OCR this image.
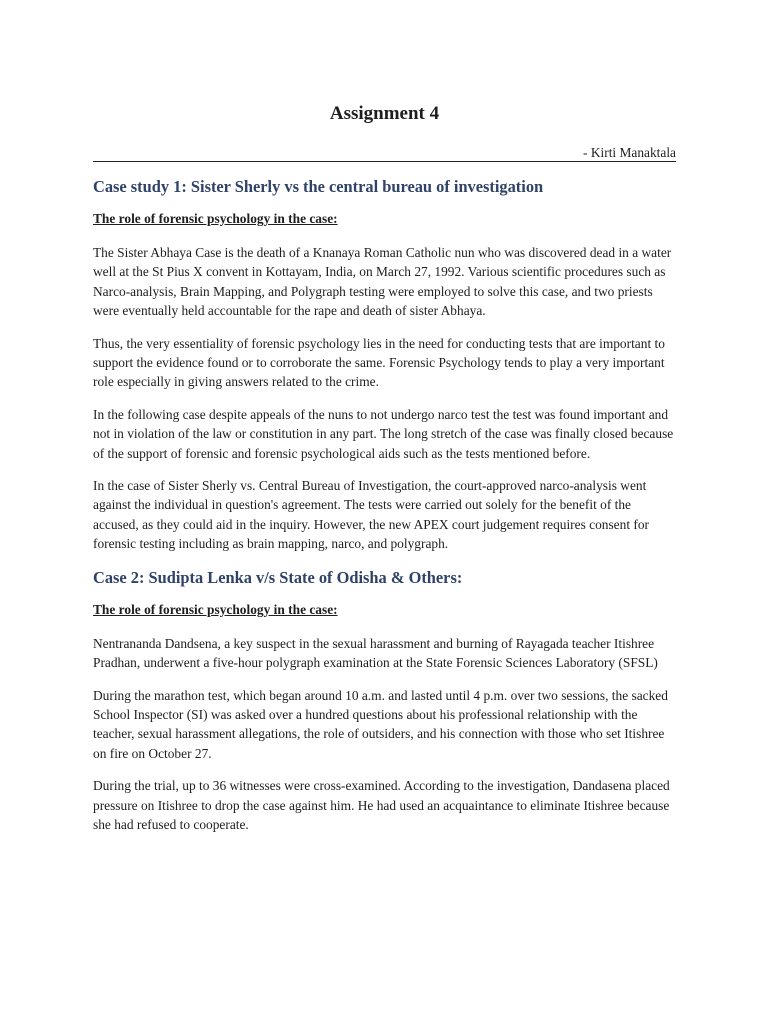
Assignment 4

- Kirti Manaktala

Case study 1: Sister Sherly vs the central bureau of investigation

The role of forensic psychology in the case:

The Sister Abhaya Case is the death of a Knanaya Roman Catholic nun who was discovered dead in a water well at the St Pius X convent in Kottayam, India, on March 27, 1992. Various scientific procedures such as Narco-analysis, Brain Mapping, and Polygraph testing were employed to solve this case, and two priests were eventually held accountable for the rape and death of sister Abhaya.

Thus, the very essentiality of forensic psychology lies in the need for conducting tests that are important to support the evidence found or to corroborate the same. Forensic Psychology tends to play a very important role especially in giving answers related to the crime.

In the following case despite appeals of the nuns to not undergo narco test the test was found important and not in violation of the law or constitution in any part. The long stretch of the case was finally closed because of the support of forensic and forensic psychological aids such as the tests mentioned before.

In the case of Sister Sherly vs. Central Bureau of Investigation, the court-approved narco-analysis went against the individual in question's agreement. The tests were carried out solely for the benefit of the accused, as they could aid in the inquiry. However, the new APEX court judgement requires consent for forensic testing including as brain mapping, narco, and polygraph.

Case 2: Sudipta Lenka v/s State of Odisha & Others:

The role of forensic psychology in the case:

Nentrananda Dandsena, a key suspect in the sexual harassment and burning of Rayagada teacher Itishree Pradhan, underwent a five-hour polygraph examination at the State Forensic Sciences Laboratory (SFSL)

During the marathon test, which began around 10 a.m. and lasted until 4 p.m. over two sessions, the sacked School Inspector (SI) was asked over a hundred questions about his professional relationship with the teacher, sexual harassment allegations, the role of outsiders, and his connection with those who set Itishree on fire on October 27.

During the trial, up to 36 witnesses were cross-examined. According to the investigation, Dandasena placed pressure on Itishree to drop the case against him. He had used an acquaintance to eliminate Itishree because she had refused to cooperate.
